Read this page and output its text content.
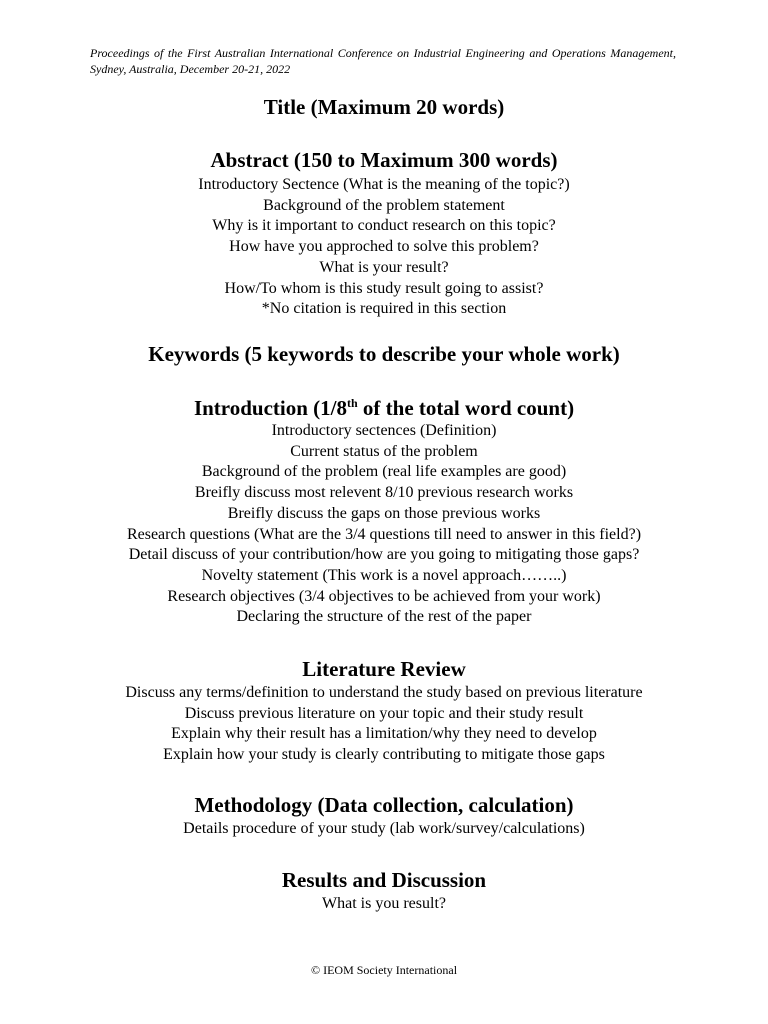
Proceedings of the First Australian International Conference on Industrial Engineering and Operations Management, Sydney, Australia, December 20-21, 2022
Title (Maximum 20 words)
Abstract (150 to Maximum 300 words)
Introductory Sectence (What is the meaning of the topic?)
Background of the problem statement
Why is it important to conduct research on this topic?
How have you approched to solve this problem?
What is your result?
How/To whom is this study result going to assist?
*No citation is required in this section
Keywords (5 keywords to describe your whole work)
Introduction (1/8th of the total word count)
Introductory sectences (Definition)
Current status of the problem
Background of the problem (real life examples are good)
Breifly discuss most relevent 8/10 previous research works
Breifly discuss the gaps on those previous works
Research questions (What are the 3/4 questions till need to answer in this field?)
Detail discuss of your contribution/how are you going to mitigating those gaps?
Novelty statement (This work is a novel approach……..)
Research objectives (3/4 objectives to be achieved from your work)
Declaring the structure of the rest of the paper
Literature Review
Discuss any terms/definition to understand the study based on previous literature
Discuss previous literature on your topic and their study result
Explain why their result has a limitation/why they need to develop
Explain how your study is clearly contributing to mitigate those gaps
Methodology (Data collection, calculation)
Details procedure of your study (lab work/survey/calculations)
Results and Discussion
What is you result?
© IEOM Society International
